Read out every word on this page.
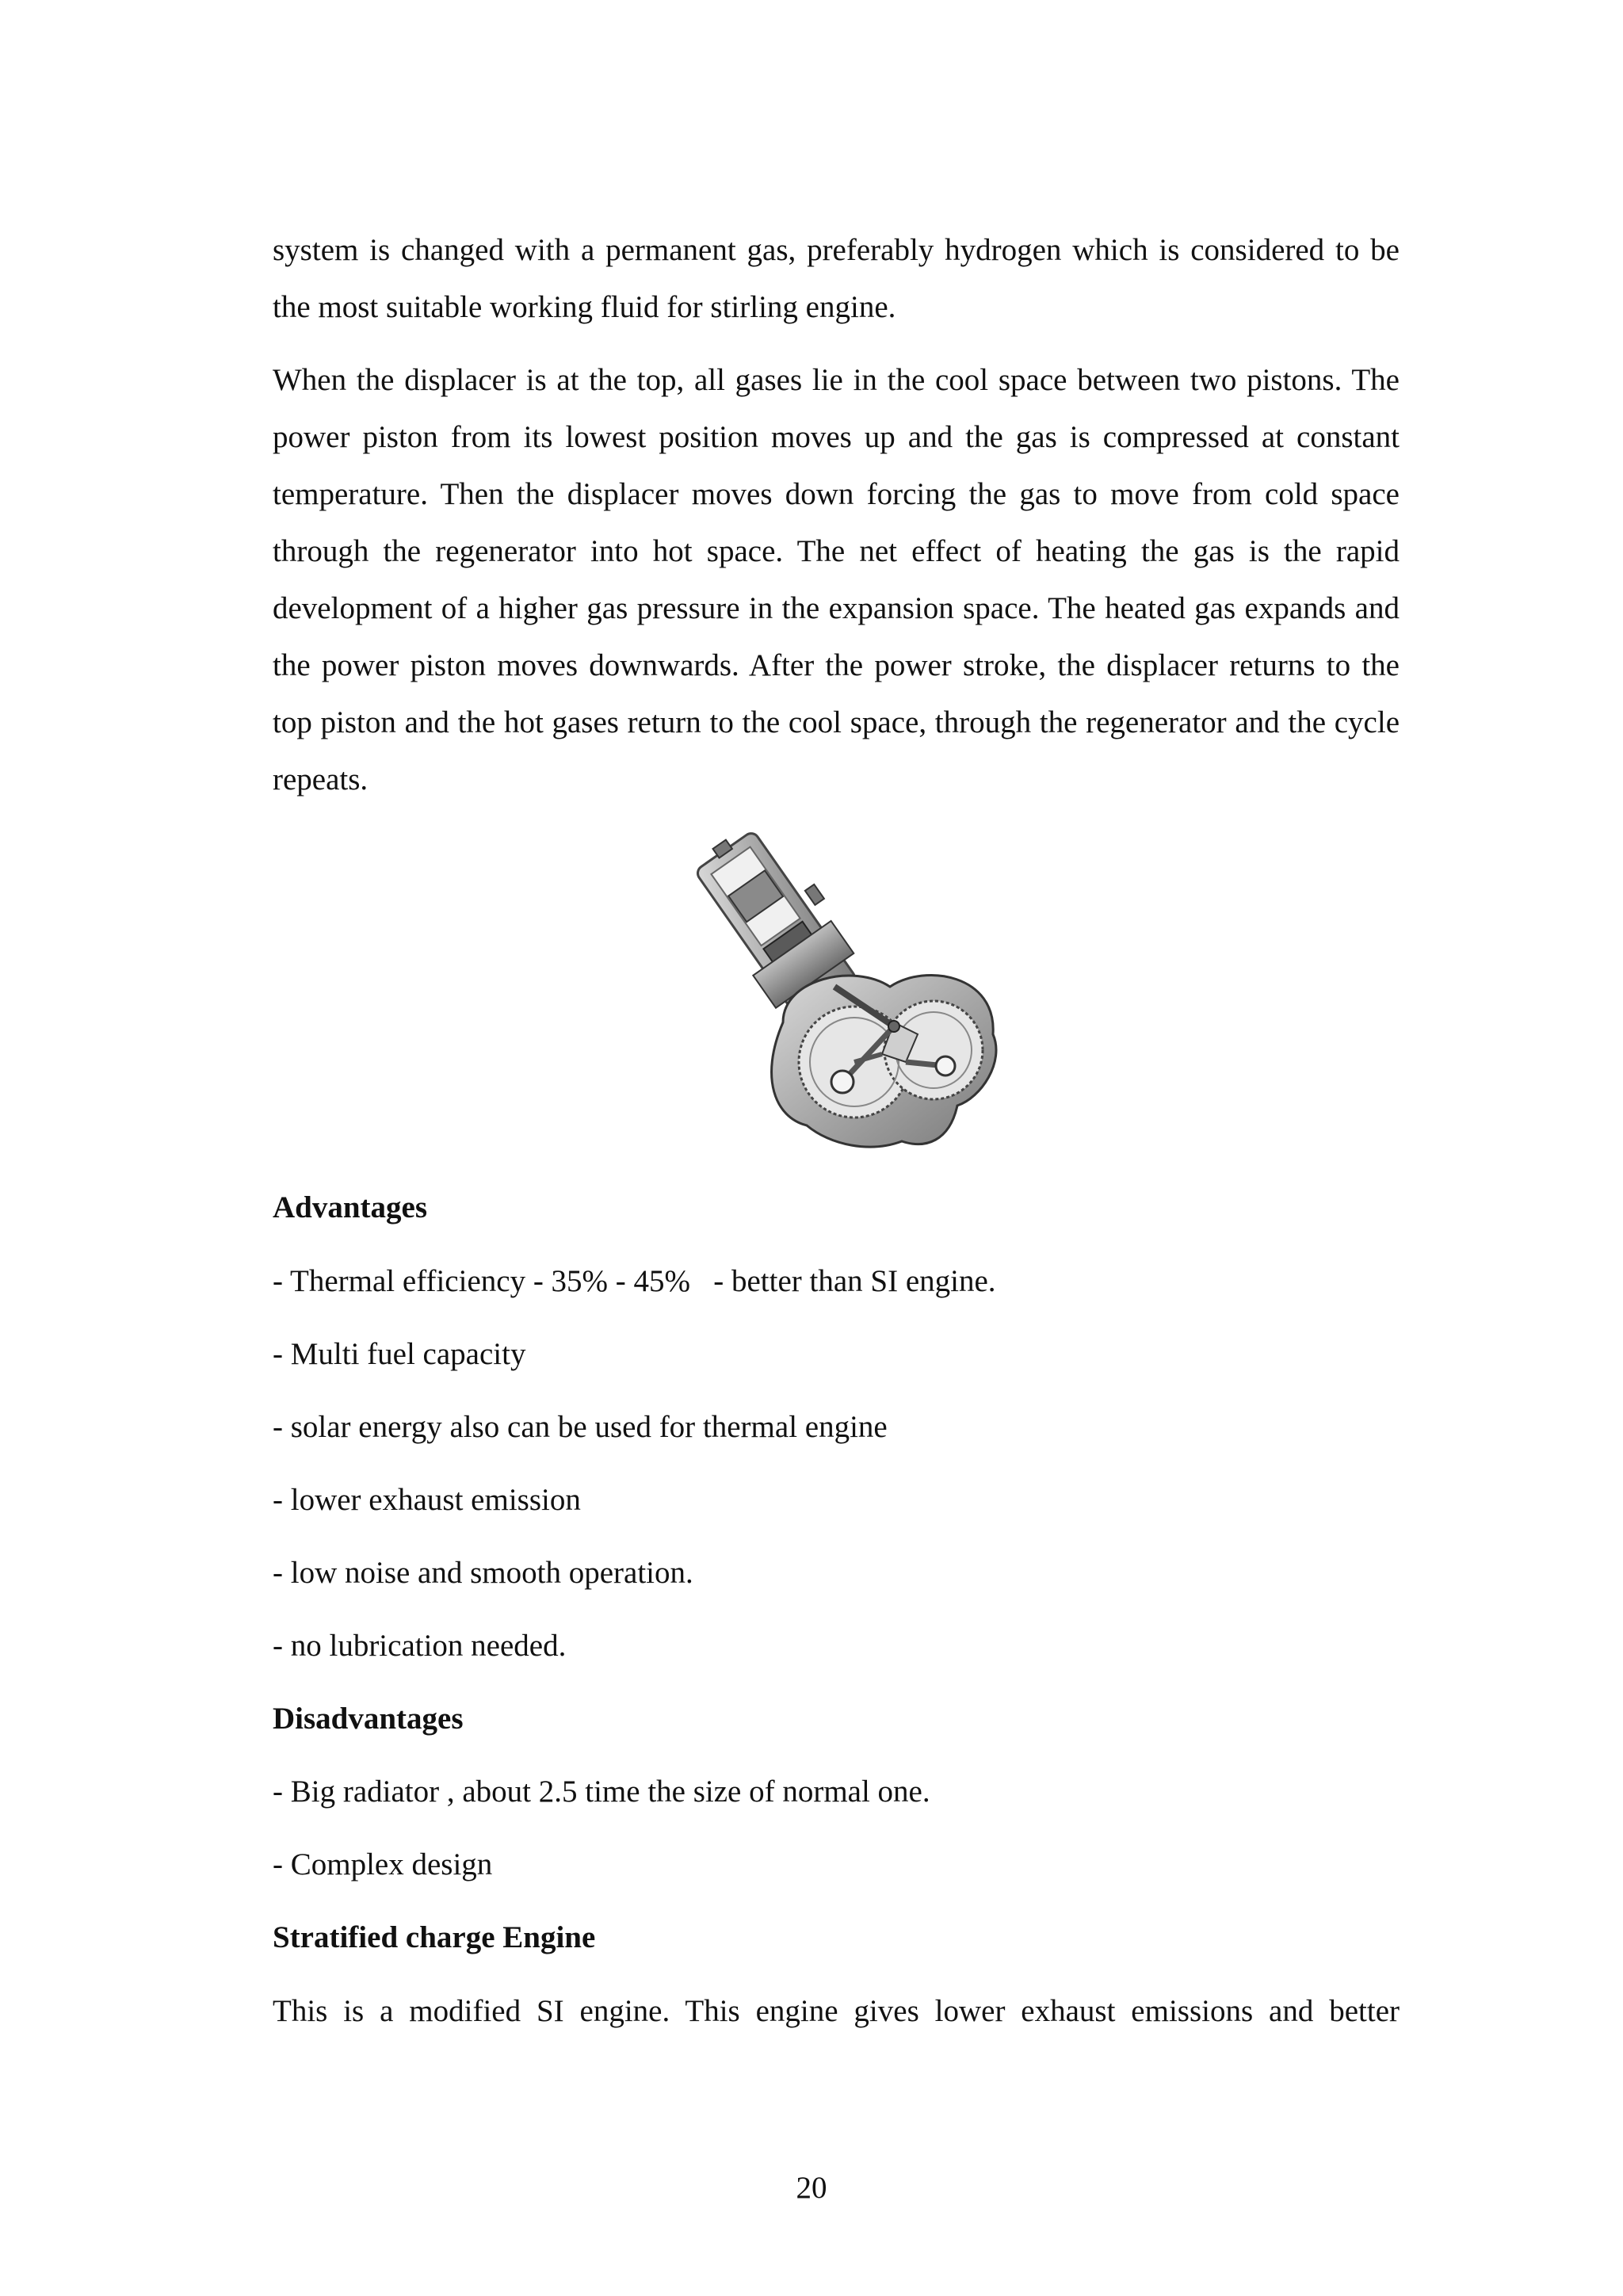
system is changed with a permanent gas, preferably hydrogen which is considered to be the most suitable working fluid for stirling engine.

When the displacer is at the top, all gases lie in the cool space between two pistons. The power piston from its lowest position moves up and the gas is compressed at constant temperature. Then the displacer moves down forcing the gas to move from cold space through the regenerator into hot space. The net effect of heating the gas is the rapid development of a higher gas pressure in the expansion space. The heated gas expands and the power piston moves downwards. After the power stroke, the displacer returns to the top piston and the hot gases return to the cool space, through the regenerator and the cycle repeats.

Advantages

- Thermal efficiency - 35% - 45%   - better than SI engine.

- Multi fuel capacity

- solar energy also can be used for thermal engine

- lower exhaust emission

- low noise and smooth operation.

- no lubrication needed.

Disadvantages

- Big radiator , about 2.5 time the size of normal one.

- Complex design

Stratified charge Engine

This is a modified SI engine. This engine gives lower exhaust emissions and better

20
